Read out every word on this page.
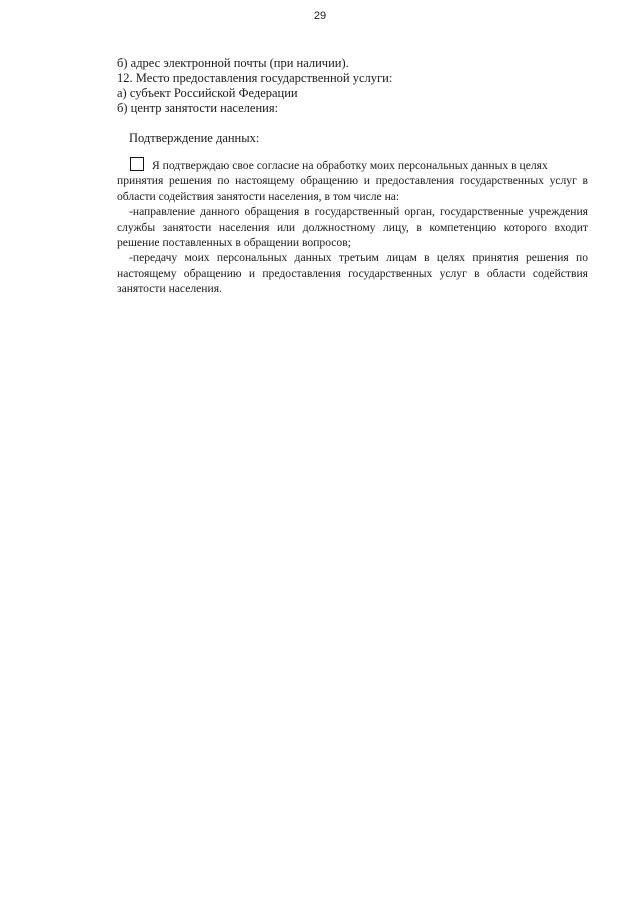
29
б) адрес электронной почты (при наличии).
12. Место предоставления государственной услуги:
а) субъект Российской Федерации
б) центр занятости населения:
Подтверждение данных:
Я подтверждаю свое согласие на обработку моих персональных данных в целях
принятия решения по настоящему обращению и предоставления государственных услуг в области содействия занятости населения, в том числе на:
-направление данного обращения в государственный орган, государственные учреждения службы занятости населения или должностному лицу, в компетенцию которого входит решение поставленных в обращении вопросов;
-передачу моих персональных данных третьим лицам в целях принятия решения по настоящему обращению и предоставления государственных услуг в области содействия занятости населения.
